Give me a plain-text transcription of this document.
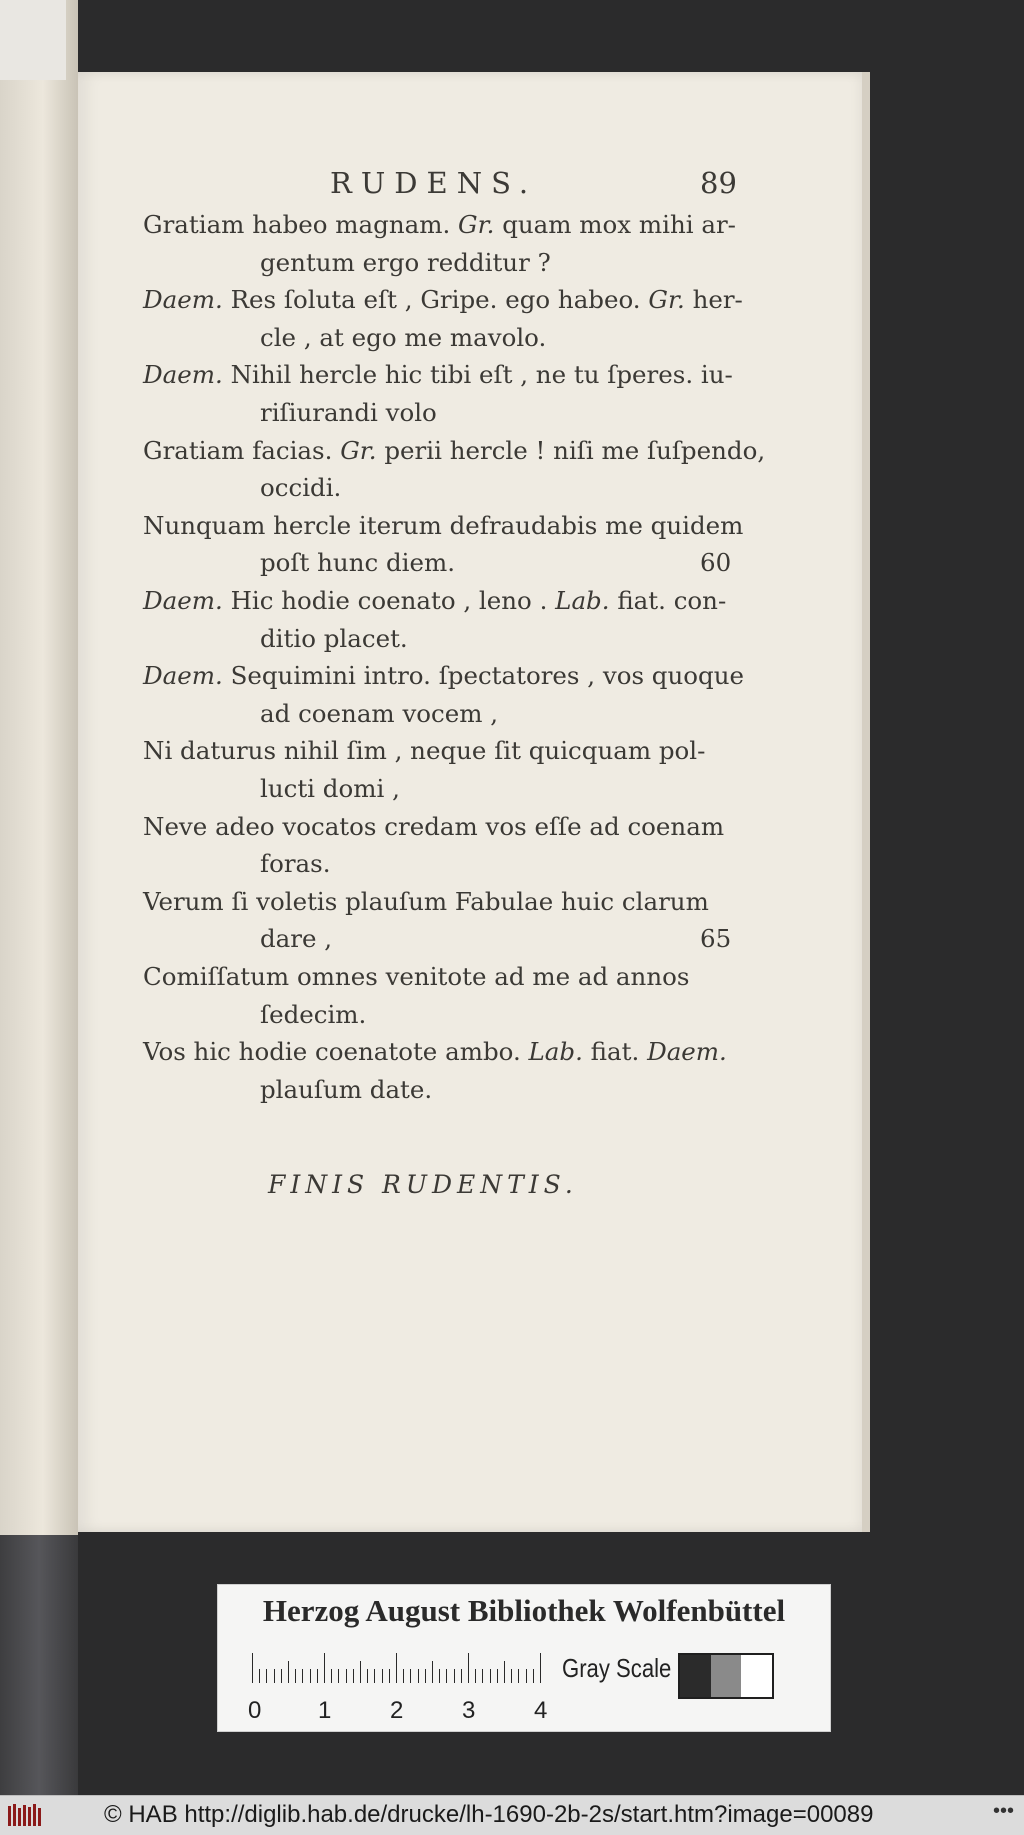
RUDENS.	89
Gratiam habeo magnam. Gr. quam mox mihi ar-
gentum ergo redditur ?
Daem. Res ſoluta eſt , Gripe. ego habeo. Gr. her-
cle , at ego me mavolo.
Daem. Nihil hercle hic tibi eſt , ne tu ſperes. iu-
riſiurandi volo
Gratiam facias. Gr. perii hercle ! niſi me ſuſpendo,
occidi.
Nunquam hercle iterum defraudabis me quidem
poſt hunc diem.	60
Daem. Hic hodie coenato , leno . Lab. fiat. con-
ditio placet.
Daem. Sequimini intro. ſpectatores , vos quoque
ad coenam vocem ,
Ni daturus nihil ſim , neque ſit quicquam pol-
lucti domi ,
Neve adeo vocatos credam vos eſſe ad coenam
foras.
Verum ſi voletis plauſum Fabulae huic clarum
dare ,	65
Comiſſatum omnes venitote ad me ad annos
ſedecim.
Vos hic hodie coenatote ambo. Lab. fiat. Daem.
plauſum date.
FINIS RUDENTIS.
Herzog August Bibliothek Wolfenbüttel
0 1 2 3 4
Gray Scale
© HAB http://diglib.hab.de/drucke/lh-1690-2b-2s/start.htm?image=00089	•••
